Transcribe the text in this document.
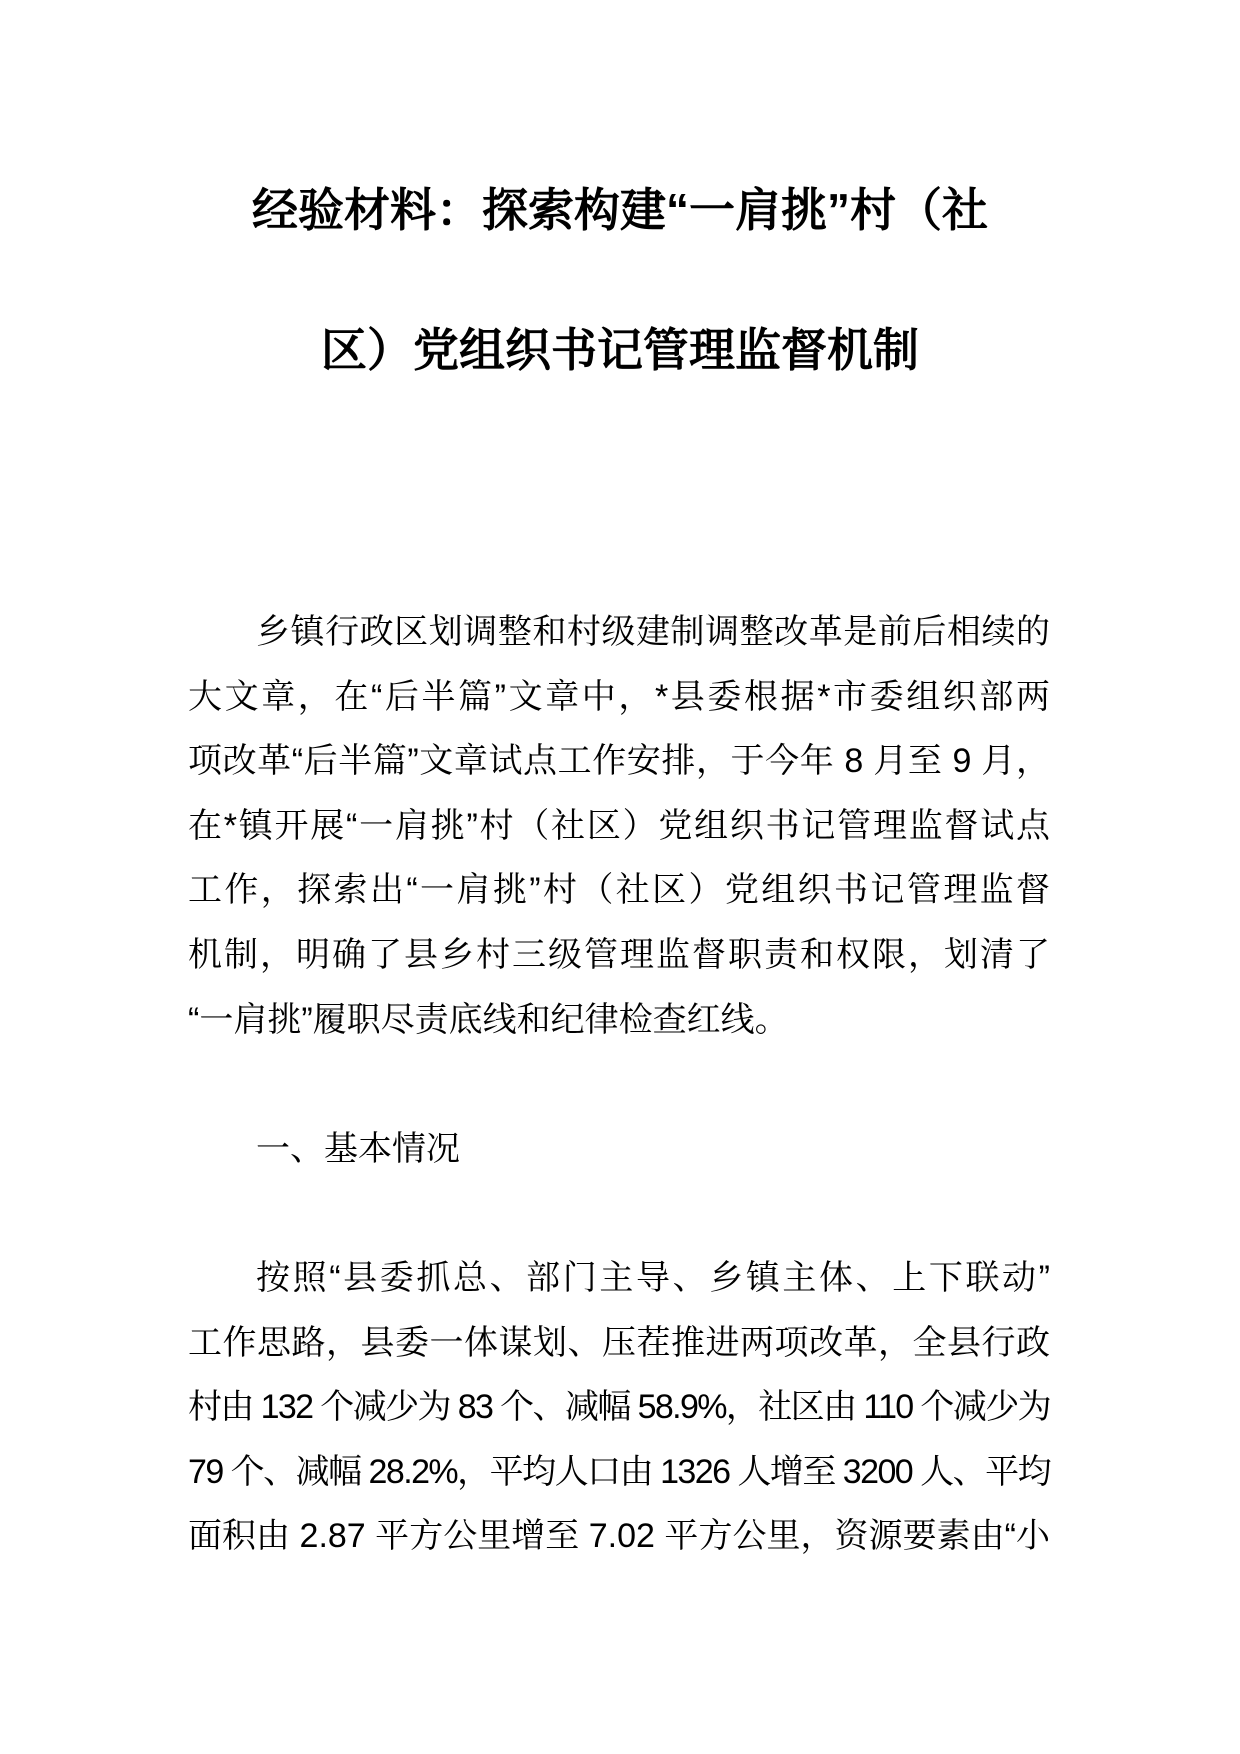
经验材料：探索构建“一肩挑”村（社
区）党组织书记管理监督机制
乡镇行政区划调整和村级建制调整改革是前后相续的
大文章，在“后半篇”文章中，*县委根据*市委组织部两
项改革“后半篇”文章试点工作安排，于今年 8 月至 9 月，
在*镇开展“一肩挑”村（社区）党组织书记管理监督试点
工作，探索出“一肩挑”村（社区）党组织书记管理监督
机制，明确了县乡村三级管理监督职责和权限，划清了
“一肩挑”履职尽责底线和纪律检查红线。
一、基本情况
按照“县委抓总、部门主导、乡镇主体、上下联动”
工作思路，县委一体谋划、压茬推进两项改革，全县行政
村由 132 个减少为 83 个、减幅 58.9%，社区由 110 个减少为
79 个、减幅 28.2%，平均人口由 1326 人增至 3200 人、平均
面积由 2.87 平方公里增至 7.02 平方公里，资源要素由“小
